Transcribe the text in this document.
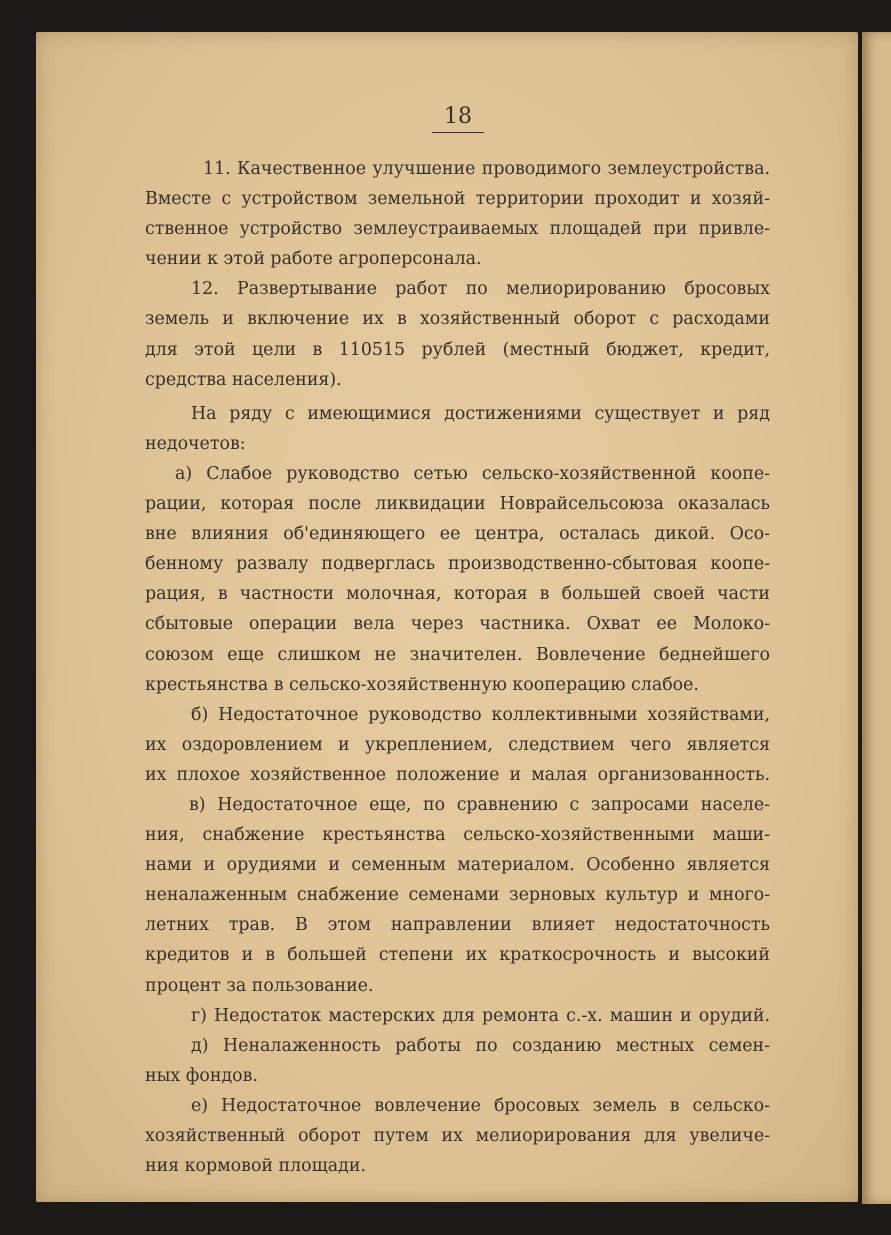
18
11. Качественное улучшение проводимого землеустройства.
Вместе с устройством земельной территории проходит и хозяй-
ственное устройство землеустраиваемых площадей при привле-
чении к этой работе агроперсонала.
12. Развертывание работ по мелиорированию бросовых
земель и включение их в хозяйственный оборот с расходами
для этой цели в 110515 рублей (местный бюджет, кредит,
средства населения).
На ряду с имеющимися достижениями существует и ряд
недочетов:
а) Слабое руководство сетью сельско-хозяйственной коопе-
рации, которая после ликвидации Новрайсельсоюза оказалась
вне влияния об'единяющего ее центра, осталась дикой. Осо-
бенному развалу подверглась производственно-сбытовая коопе-
рация, в частности молочная, которая в большей своей части
сбытовые операции вела через частника. Охват ее Молоко-
союзом еще слишком не значителен. Вовлечение беднейшего
крестьянства в сельско-хозяйственную кооперацию слабое.
б) Недостаточное руководство коллективными хозяйствами,
их оздоровлением и укреплением, следствием чего является
их плохое хозяйственное положение и малая организованность.
в) Недостаточное еще, по сравнению с запросами населе-
ния, снабжение крестьянства сельско-хозяйственными маши-
нами и орудиями и семенным материалом. Особенно является
неналаженным снабжение семенами зерновых культур и много-
летних трав. В этом направлении влияет недостаточность
кредитов и в большей степени их краткосрочность и высокий
процент за пользование.
г) Недостаток мастерских для ремонта с.-х. машин и орудий.
д) Неналаженность работы по созданию местных семен-
ных фондов.
е) Недостаточное вовлечение бросовых земель в сельско-
хозяйственный оборот путем их мелиорирования для увеличе-
ния кормовой площади.
